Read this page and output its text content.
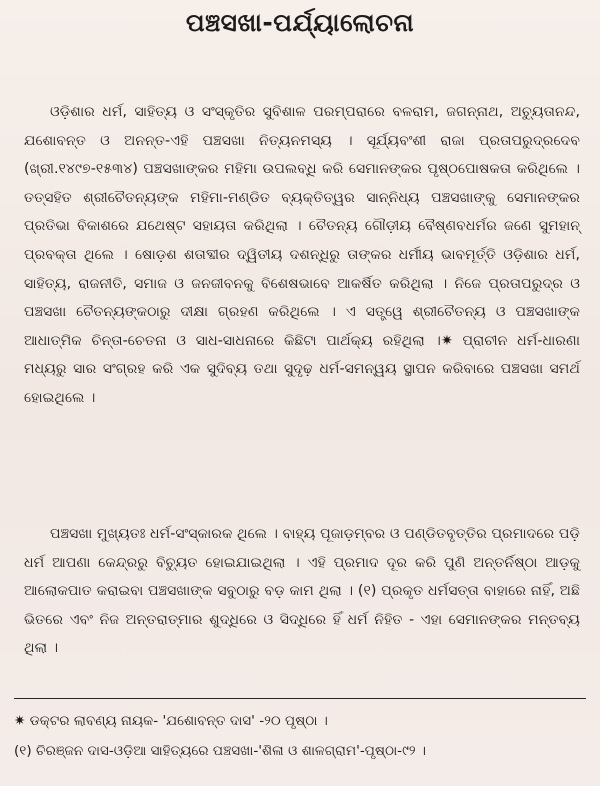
ପଞ୍ଚସଖା-ପର୍ଯ୍ୟାଲୋଚନା

ଓଡ଼ିଶାର ଧର୍ମ, ସାହିତ୍ୟ ଓ ସଂସ୍କୃତିର ସୁବିଶାଳ ପରମ୍ପରାରେ ବଳରାମ, ଜଗନ୍ନାଥ, ଅଚ୍ୟୁତାନନ୍ଦ, ଯଶୋବନ୍ତ ଓ ଅନନ୍ତ-ଏହି ପଞ୍ଚସଖା ନିତ୍ୟନମସ୍ୟ । ସୂର୍ଯ୍ୟବଂଶୀ ରାଜା ପ୍ରତାପରୁଦ୍ରଦେବ (ଖ୍ରୀ.୧୪୯୭-୧୫୩୪) ପଞ୍ଚସଖାଙ୍କର ମହିମା ଉପଲବ୍ଧି କରି ସେମାନଙ୍କର ପୃଷ୍ଠପୋଷକତା କରିଥିଲେ । ତତ୍ସହିତ ଶ୍ରୀଚୈତନ୍ୟଙ୍କ ମହିମା-ମଣ୍ଡିତ ବ୍ୟକ୍ତିତ୍ୱର ସାନ୍ନିଧ୍ୟ ପଞ୍ଚସଖାଙ୍କୁ ସେମାନଙ୍କର ପ୍ରତିଭା ବିକାଶରେ ଯଥେଷ୍ଟ ସହାୟତା କରିଥିଲା । ଚୈତନ୍ୟ ଗୌଡ଼ୀୟ ବୈଷ୍ଣବଧର୍ମର ଜଣେ ସୁମହାନ୍ ପ୍ରବକ୍ତା ଥିଲେ । ଷୋଡ଼ଶ ଶତାବ୍ଦୀର ଦ୍ୱିତୀୟ ଦଶନ୍ଧିରୁ ତାଙ୍କର ଧର୍ମୀୟ ଭାବମୂର୍ତ୍ତି ଓଡ଼ିଶାର ଧର୍ମ, ସାହିତ୍ୟ, ରାଜନୀତି, ସମାଜ ଓ ଜନଜୀବନକୁ ବିଶେଷଭାବେ ଆକର୍ଷିତ କରିଥିଲା । ନିଜେ ପ୍ରତାପରୁଦ୍ର ଓ ପଞ୍ଚସଖା ଚୈତନ୍ୟଙ୍କଠାରୁ ଦୀକ୍ଷା ଗ୍ରହଣ କରିଥିଲେ । ଏ ସତ୍ତ୍ୱେ ଶ୍ରୀଚୈତନ୍ୟ ଓ ପଞ୍ଚସଖାଙ୍କ ଆଧାତ୍ମିକ ଚିନ୍ତା-ଚେତନା ଓ ସାଧ-ସାଧନାରେ କିଛିଟା ପାର୍ଥକ୍ୟ ରହିଥିଲା ।✷ ପ୍ରାଚୀନ ଧର୍ମ-ଧାରଣା ମଧ୍ୟରୁ ସାର ସଂଗ୍ରହ କରି ଏକ ସୁଦିବ୍ୟ ତଥା ସୁଦୃଢ଼ ଧର୍ମ-ସମନ୍ୱୟ ସ୍ଥାପନ କରିବାରେ ପଞ୍ଚସଖା ସମର୍ଥ ହୋଇଥିଲେ ।

ପଞ୍ଚସଖା ମୁଖ୍ୟତଃ ଧର୍ମ-ସଂସ୍କାରକ ଥିଲେ । ବାହ୍ୟ ପୂଜାଡ଼ମ୍ବର ଓ ପଣ୍ଡିତବୃତ୍ତିର ପ୍ରମାଦରେ ପଡ଼ି ଧର୍ମ ଆପଣା କେନ୍ଦ୍ରରୁ ବିଚ୍ୟୁତ ହୋଇଯାଇଥିଲା । ଏହି ପ୍ରମାଦ ଦୂର କରି ପୁଣି ଅନ୍ତର୍ନିଷ୍ଠା ଆଡ଼କୁ ଆଲୋକପାତ କରାଇବା ପଞ୍ଚସଖାଙ୍କ ସବୁଠାରୁ ବଡ଼ କାମ ଥିଲା । (୧) ପ୍ରକୃତ ଧର୍ମସତ୍ତା ବାହାରେ ନାହିଁ, ଅଛି ଭିତରେ ଏବଂ ନିଜ ଅନ୍ତରାତ୍ମାର ଶୁଦ୍ଧିରେ ଓ ସିଦ୍ଧିରେ ହିଁ ଧର୍ମ ନିହିତ - ଏହା ସେମାନଙ୍କର ମନ୍ତବ୍ୟ ଥିଲା ।

✷ ଡକ୍ଟର ଲାବଣ୍ୟ ନାୟକ- 'ଯଶୋବନ୍ତ ଦାସ' -୨୦ ପୃଷ୍ଠା ।

(୧) ଚିରଞ୍ଜନ ଦାସ-ଓଡ଼ିଆ ସାହିତ୍ୟରେ ପଞ୍ଚସଖା-'ଶିଳା ଓ ଶାଳଗ୍ରାମ'-ପୃଷ୍ଠା-୯୨ ।
